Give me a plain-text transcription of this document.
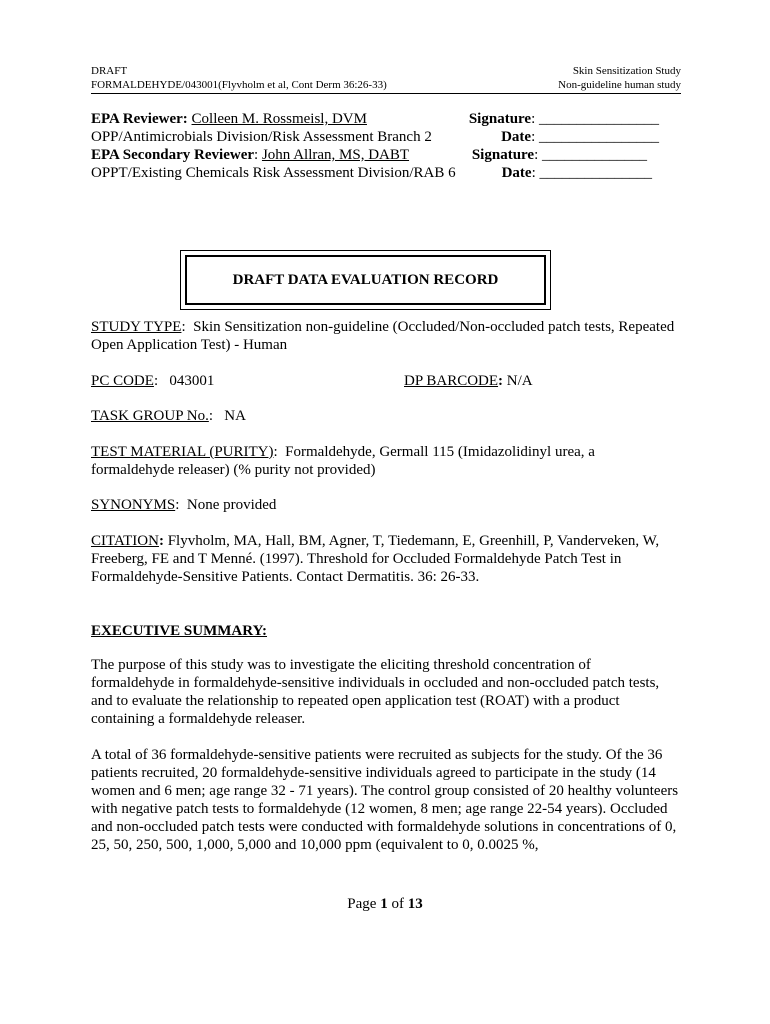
DRAFT	Skin Sensitization Study
FORMALDEHYDE/043001(Flyvholm et al, Cont Derm 36:26-33)	Non-guideline human study
EPA Reviewer: Colleen M. Rossmeisl, DVM	Signature: ________________
OPP/Antimicrobials Division/Risk Assessment Branch 2	Date: ________________
EPA Secondary Reviewer: John Allran, MS, DABT	Signature: ______________
OPPT/Existing Chemicals Risk Assessment Division/RAB 6	Date: _______________
DRAFT DATA EVALUATION RECORD
STUDY TYPE:  Skin Sensitization non-guideline (Occluded/Non-occluded patch tests, Repeated Open Application Test) - Human
PC CODE:   043001	DP BARCODE: N/A
TASK GROUP No.:   NA
TEST MATERIAL (PURITY):  Formaldehyde, Germall 115 (Imidazolidinyl urea, a formaldehyde releaser) (% purity not provided)
SYNONYMS:  None provided
CITATION: Flyvholm, MA, Hall, BM, Agner, T, Tiedemann, E, Greenhill, P, Vanderveken, W, Freeberg, FE and T Menné. (1997). Threshold for Occluded Formaldehyde Patch Test in Formaldehyde-Sensitive Patients. Contact Dermatitis. 36: 26-33.
EXECUTIVE SUMMARY:
The purpose of this study was to investigate the eliciting threshold concentration of formaldehyde in formaldehyde-sensitive individuals in occluded and non-occluded patch tests, and to evaluate the relationship to repeated open application test (ROAT) with a product containing a formaldehyde releaser.
A total of 36 formaldehyde-sensitive patients were recruited as subjects for the study. Of the 36 patients recruited, 20 formaldehyde-sensitive individuals agreed to participate in the study (14 women and 6 men; age range 32 - 71 years). The control group consisted of 20 healthy volunteers with negative patch tests to formaldehyde (12 women, 8 men; age range 22-54 years). Occluded and non-occluded patch tests were conducted with formaldehyde solutions in concentrations of 0, 25, 50, 250, 500, 1,000, 5,000 and 10,000 ppm (equivalent to 0, 0.0025 %,
Page 1 of 13
